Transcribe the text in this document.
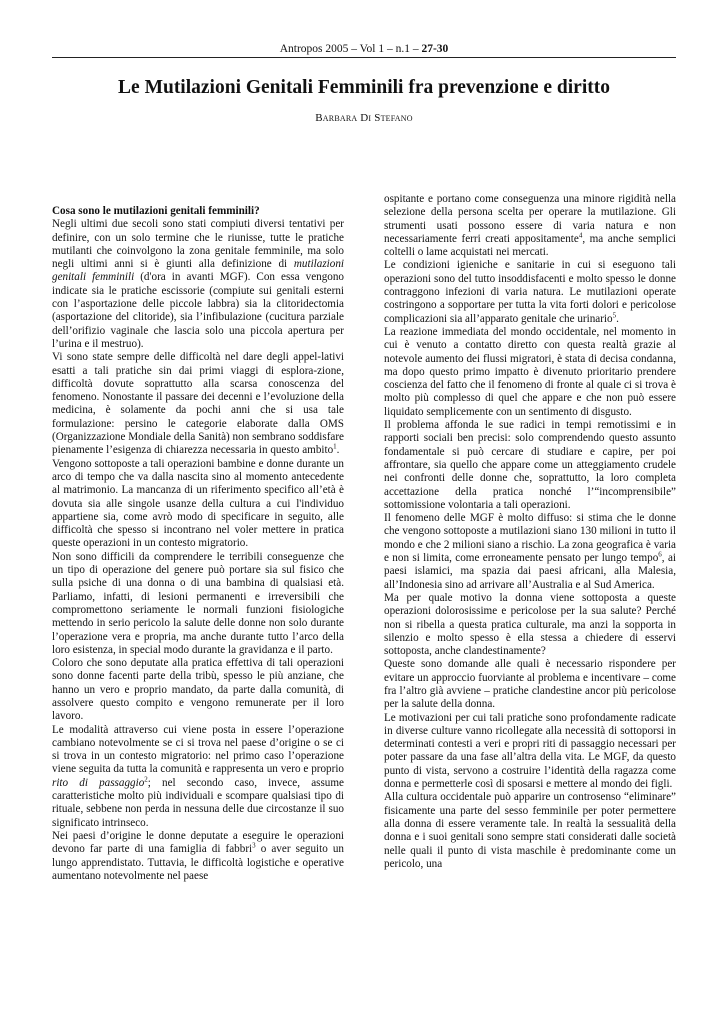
Antropos 2005 – Vol 1 – n.1 – 27-30
Le Mutilazioni Genitali Femminili fra prevenzione e diritto
Barbara Di Stefano

Cosa sono le mutilazioni genitali femminili?

Negli ultimi due secoli sono stati compiuti diversi tentativi per definire, con un solo termine che le riunisse, tutte le pratiche mutilanti che coinvolgono la zona genitale femminile, ma solo negli ultimi anni si è giunti alla definizione di mutilazioni genitali femminili (d'ora in avanti MGF). Con essa vengono indicate sia le pratiche escissorie (compiute sui genitali esterni con l’asportazione delle piccole labbra) sia la clitoridectomia (asportazione del clitoride), sia l’infibulazione (cucitura parziale dell’orifizio vaginale che lascia solo una piccola apertura per l’urina e il mestruo).

Vi sono state sempre delle difficoltà nel dare degli appel-lativi esatti a tali pratiche sin dai primi viaggi di esplora-zione, difficoltà dovute soprattutto alla scarsa conoscenza del fenomeno. Nonostante il passare dei decenni e l’evoluzione della medicina, è solamente da pochi anni che si usa tale formulazione: persino le categorie elaborate dalla OMS (Organizzazione Mondiale della Sanità) non sembrano soddisfare pienamente l’esigenza di chiarezza necessaria in questo ambito$^1$.

Vengono sottoposte a tali operazioni bambine e donne durante un arco di tempo che va dalla nascita sino al momento antecedente al matrimonio. La mancanza di un riferimento specifico all’età è dovuta sia alle singole usanze della cultura a cui l'individuo appartiene sia, come avrò modo di specificare in seguito, alle difficoltà che spesso si incontrano nel voler mettere in pratica queste operazioni in un contesto migratorio.

Non sono difficili da comprendere le terribili conseguenze che un tipo di operazione del genere può portare sia sul fisico che sulla psiche di una donna o di una bambina di qualsiasi età. Parliamo, infatti, di lesioni permanenti e irreversibili che compromettono seriamente le normali funzioni fisiologiche mettendo in serio pericolo la salute delle donne non solo durante l’operazione vera e propria, ma anche durante tutto l’arco della loro esistenza, in special modo durante la gravidanza e il parto.

Coloro che sono deputate alla pratica effettiva di tali operazioni sono donne facenti parte della tribù, spesso le più anziane, che hanno un vero e proprio mandato, da parte dalla comunità, di assolvere questo compito e vengono remunerate per il loro lavoro.

Le modalità attraverso cui viene posta in essere l’operazione cambiano notevolmente se ci si trova nel paese d’origine o se ci si trova in un contesto migratorio: nel primo caso l’operazione viene seguita da tutta la comunità e rappresenta un vero e proprio rito di passaggio$^2$; nel secondo caso, invece, assume caratteristiche molto più individuali e scompare qualsiasi tipo di rituale, sebbene non perda in nessuna delle due circostanze il suo significato intrinseco.

Nei paesi d’origine le donne deputate a eseguire le operazioni devono far parte di una famiglia di fabbri$^3$ o aver seguito un lungo apprendistato. Tuttavia, le difficoltà logistiche e operative aumentano notevolmente nel paese

ospitante e portano come conseguenza una minore rigidità nella selezione della persona scelta per operare la mutilazione. Gli strumenti usati possono essere di varia natura e non necessariamente ferri creati appositamente$^4$, ma anche semplici coltelli o lame acquistati nei mercati.

Le condizioni igieniche e sanitarie in cui si eseguono tali operazioni sono del tutto insoddisfacenti e molto spesso le donne contraggono infezioni di varia natura. Le mutilazioni operate costringono a sopportare per tutta la vita forti dolori e pericolose complicazioni sia all’apparato genitale che urinario$^5$.

La reazione immediata del mondo occidentale, nel momento in cui è venuto a contatto diretto con questa realtà grazie al notevole aumento dei flussi migratori, è stata di decisa condanna, ma dopo questo primo impatto è divenuto prioritario prendere coscienza del fatto che il fenomeno di fronte al quale ci si trova è molto più complesso di quel che appare e che non può essere liquidato semplicemente con un sentimento di disgusto.

Il problema affonda le sue radici in tempi remotissimi e in rapporti sociali ben precisi: solo comprendendo questo assunto fondamentale si può cercare di studiare e capire, per poi affrontare, sia quello che appare come un atteggiamento crudele nei confronti delle donne che, soprattutto, la loro completa accettazione della pratica nonché l’“incomprensibile” sottomissione volontaria a tali operazioni.

Il fenomeno delle MGF è molto diffuso: si stima che le donne che vengono sottoposte a mutilazioni siano 130 milioni in tutto il mondo e che 2 milioni siano a rischio. La zona geografica è varia e non si limita, come erroneamente pensato per lungo tempo$^6$, ai paesi islamici, ma spazia dai paesi africani, alla Malesia, all’Indonesia sino ad arrivare all’Australia e al Sud America.

Ma per quale motivo la donna viene sottoposta a queste operazioni dolorosissime e pericolose per la sua salute? Perché non si ribella a questa pratica culturale, ma anzi la sopporta in silenzio e molto spesso è ella stessa a chiedere di esservi sottoposta, anche clandestinamente?

Queste sono domande alle quali è necessario rispondere per evitare un approccio fuorviante al problema e incentivare – come fra l’altro già avviene – pratiche clandestine ancor più pericolose per la salute della donna.

Le motivazioni per cui tali pratiche sono profondamente radicate in diverse culture vanno ricollegate alla necessità di sottoporsi in determinati contesti a veri e propri riti di passaggio necessari per poter passare da una fase all’altra della vita. Le MGF, da questo punto di vista, servono a costruire l’identità della ragazza come donna e permetterle così di sposarsi e mettere al mondo dei figli.

Alla cultura occidentale può apparire un controsenso “eliminare” fisicamente una parte del sesso femminile per poter permettere alla donna di essere veramente tale. In realtà la sessualità della donna e i suoi genitali sono sempre stati considerati dalle società nelle quali il punto di vista maschile è predominante come un pericolo, una
